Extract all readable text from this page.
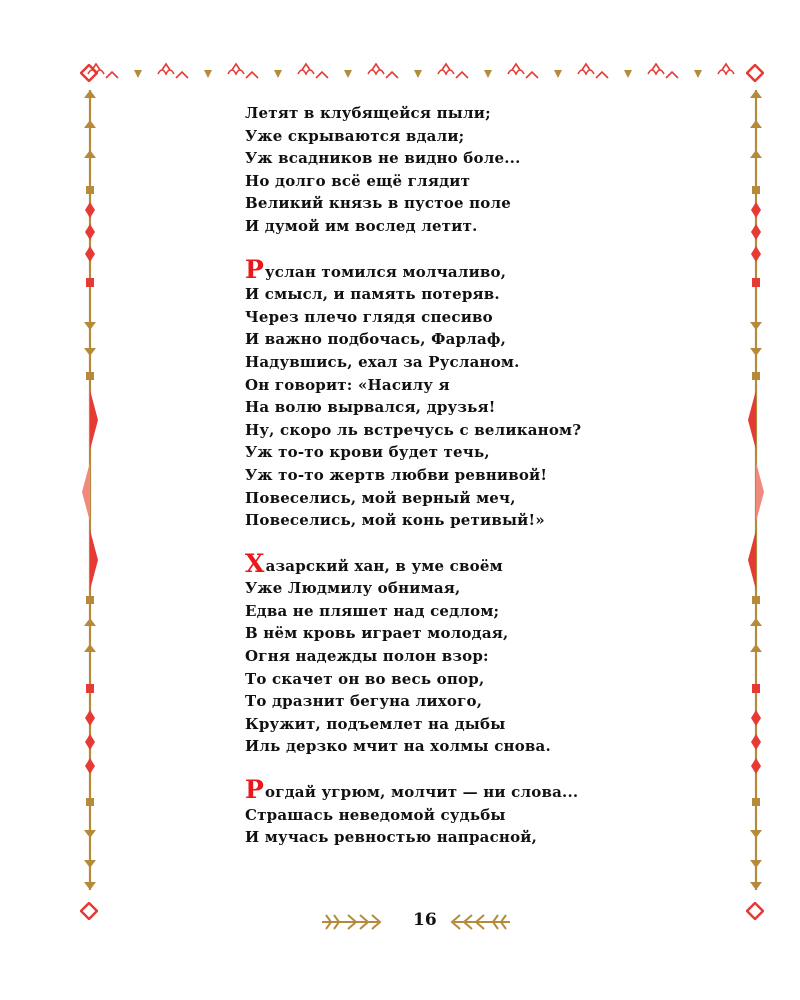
Летят в клубящейся пыли;
Уже скрываются вдали;
Уж всадников не видно боле...
Но долго всё ещё глядит
Великий князь в пустое поле
И думой им вослед летит.
Руслан томился молчаливо,
И смысл, и память потеряв.
Через плечо глядя спесиво
И важно подбочась, Фарлаф,
Надувшись, ехал за Русланом.
Он говорит: «Насилу я
На волю вырвался, друзья!
Ну, скоро ль встречусь с великаном?
Уж то-то крови будет течь,
Уж то-то жертв любви ревнивой!
Повеселись, мой верный меч,
Повеселись, мой конь ретивый!»
Хазарский хан, в уме своём
Уже Людмилу обнимая,
Едва не пляшет над седлом;
В нём кровь играет молодая,
Огня надежды полон взор:
То скачет он во весь опор,
То дразнит бегуна лихого,
Кружит, подъемлет на дыбы
Иль дерзко мчит на холмы снова.
Рогдай угрюм, молчит — ни слова...
Страшась неведомой судьбы
И мучась ревностью напрасной,
16
